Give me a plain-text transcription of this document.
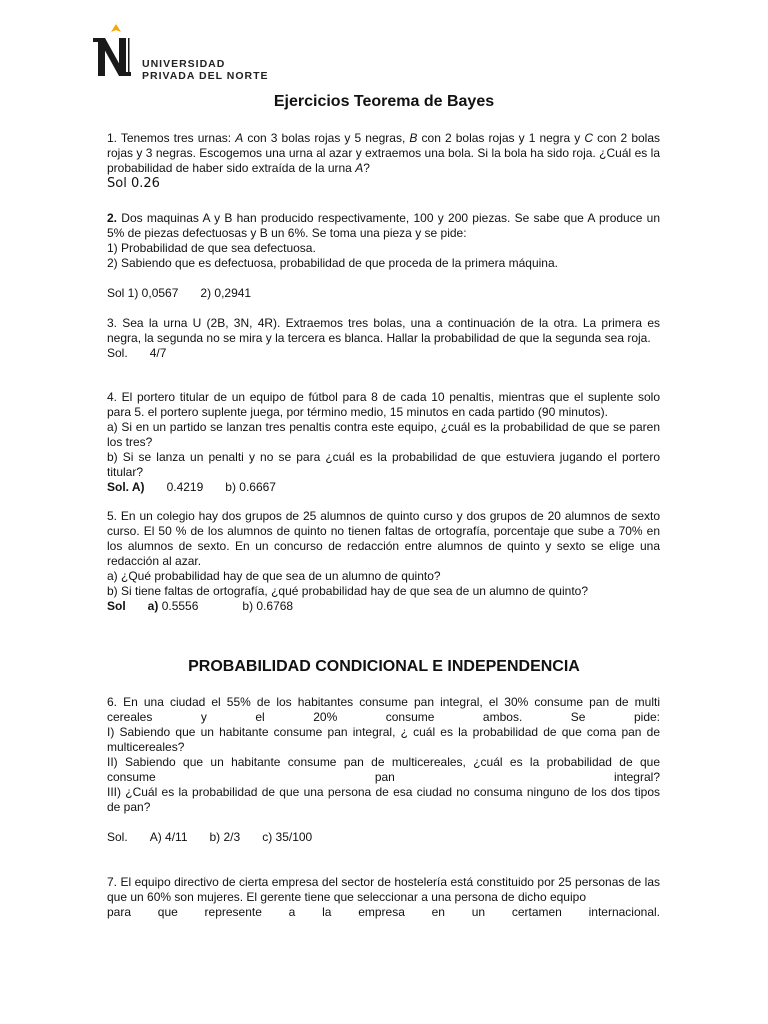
UNIVERSIDAD
PRIVADA DEL NORTE
Ejercicios Teorema de Bayes

1. Tenemos tres urnas: A con 3 bolas rojas y 5 negras, B con 2 bolas rojas y 1 negra y C con 2 bolas rojas y 3 negras. Escogemos una urna al azar y extraemos una bola. Si la bola ha sido roja. ¿Cuál es la probabilidad de haber sido extraída de la urna A?

Sol 0.26

2. Dos maquinas A y B han producido respectivamente, 100 y 200 piezas. Se sabe que A produce un 5% de piezas defectuosas y B un 6%. Se toma una pieza y se pide:

1) Probabilidad de que sea defectuosa.

2) Sabiendo que es defectuosa, probabilidad de que proceda de la primera máquina.

Sol 1) 0,0567 2) 0,2941

3. Sea la urna U (2B, 3N, 4R). Extraemos tres bolas, una a continuación de la otra. La primera es negra, la segunda no se mira y la tercera es blanca. Hallar la probabilidad de que la segunda sea roja.

Sol. 4/7

4. El portero titular de un equipo de fútbol para 8 de cada 10 penaltis, mientras que el suplente solo para 5. el portero suplente juega, por término medio, 15 minutos en cada partido (90 minutos).

a) Si en un partido se lanzan tres penaltis contra este equipo, ¿cuál es la probabilidad de que se paren los tres?

b) Si se lanza un penalti y no se para ¿cuál es la probabilidad de que estuviera jugando el portero titular?

Sol. A) 0.4219 b) 0.6667

5. En un colegio hay dos grupos de 25 alumnos de quinto curso y dos grupos de 20 alumnos de sexto curso. El 50 % de los alumnos de quinto no tienen faltas de ortografía, porcentaje que sube a 70% en los alumnos de sexto. En un concurso de redacción entre alumnos de quinto y sexto se elige una redacción al azar.

a) ¿Qué probabilidad hay de que sea de un alumno de quinto?

b) Si tiene faltas de ortografía, ¿qué probabilidad hay de que sea de un alumno de quinto?

Sol a) 0.5556	b) 0.6768

PROBABILIDAD CONDICIONAL E INDEPENDENCIA

6. En una ciudad el 55% de los habitantes consume pan integral, el 30% consume pan de multi

cereales y el 20% consume ambos. Se pide:

I) Sabiendo que un habitante consume pan integral, ¿ cuál es la probabilidad de que coma pan de multicereales?

II) Sabiendo que un habitante consume pan de multicereales, ¿cuál es la probabilidad de que

consume pan integral?

III) ¿Cuál es la probabilidad de que una persona de esa ciudad no consuma ninguno de los dos tipos de pan?

Sol. A) 4/11 b) 2/3 c) 35/100

7. El equipo directivo de cierta empresa del sector de hostelería está constituido por 25 personas de las que un 60% son mujeres. El gerente tiene que seleccionar a una persona de dicho equipo

para que represente a la empresa en un certamen internacional.
